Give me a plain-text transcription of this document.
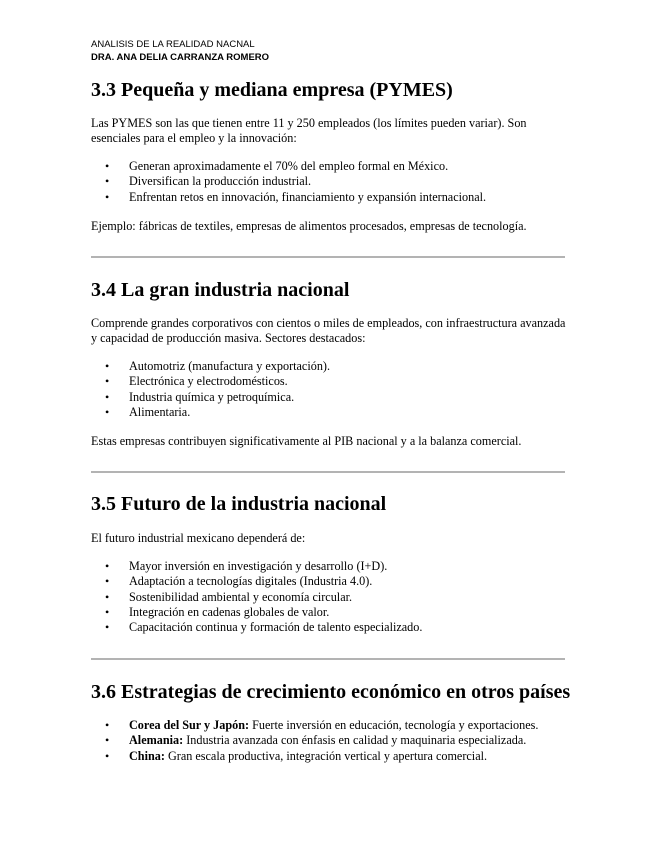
ANALISIS DE LA REALIDAD NACNAL
DRA. ANA DELIA CARRANZA ROMERO
3.3 Pequeña y mediana empresa (PYMES)

Las PYMES son las que tienen entre 11 y 250 empleados (los límites pueden variar). Son esenciales para el empleo y la innovación:

• Generan aproximadamente el 70% del empleo formal en México.
• Diversifican la producción industrial.
• Enfrentan retos en innovación, financiamiento y expansión internacional.

Ejemplo: fábricas de textiles, empresas de alimentos procesados, empresas de tecnología.

3.4 La gran industria nacional

Comprende grandes corporativos con cientos o miles de empleados, con infraestructura avanzada y capacidad de producción masiva. Sectores destacados:

• Automotriz (manufactura y exportación).
• Electrónica y electrodomésticos.
• Industria química y petroquímica.
• Alimentaria.

Estas empresas contribuyen significativamente al PIB nacional y a la balanza comercial.

3.5 Futuro de la industria nacional

El futuro industrial mexicano dependerá de:

• Mayor inversión en investigación y desarrollo (I+D).
• Adaptación a tecnologías digitales (Industria 4.0).
• Sostenibilidad ambiental y economía circular.
• Integración en cadenas globales de valor.
• Capacitación continua y formación de talento especializado.
3.6 Estrategias de crecimiento económico en otros países
• Corea del Sur y Japón: Fuerte inversión en educación, tecnología y exportaciones.
• Alemania: Industria avanzada con énfasis en calidad y maquinaria especializada.
• China: Gran escala productiva, integración vertical y apertura comercial.
